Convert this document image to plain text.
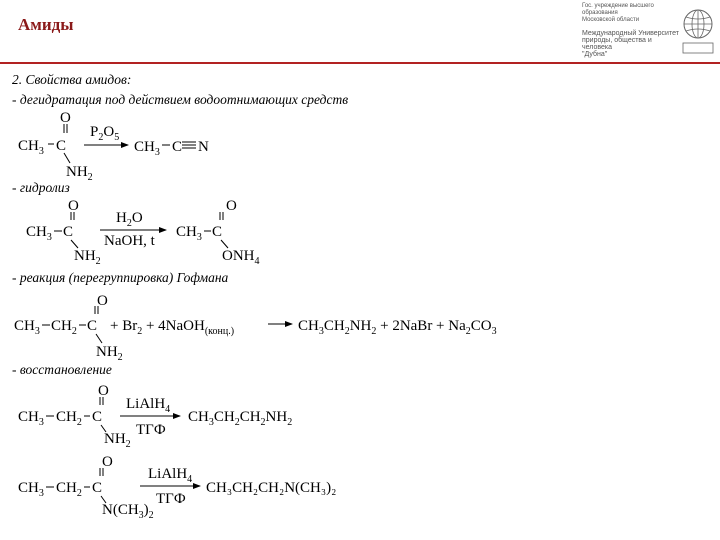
Амиды
Гос. учреждение высшего образования
Московской области
Международный Университет
природы, общества и человека
"Дубна"
2. Свойства амидов:
- дегидратация под действием водоотнимающих средств
- гидролиз
- реакция (перегруппировка) Гофмана
- восстановление
$CH_3$ C
O
$NH_2$
$P_2O_5$
$CH_3$ C N
$CH_3$ C
O
$NH_2$
$H_2O$
NaOH, t
$CH_3$ C
O
$ONH_4$
$CH_3$ $CH_2$ C
O
$NH_2$
+ $Br_2$ + 4NaOH$_{(конц.)}$	$CH_3CH_2NH_2$ + 2NaBr + $Na_2CO_3$
$CH_3$ $CH_2$ C
O
$NH_2$
LiAlH$_4$
ТГФ
$CH_3CH_2CH_2NH_2$
$CH_3$ $CH_2$ C
O
$N(CH_3)_2$
LiAlH$_4$
ТГФ
CH₃CH₂CH₂N(CH₃)₂
